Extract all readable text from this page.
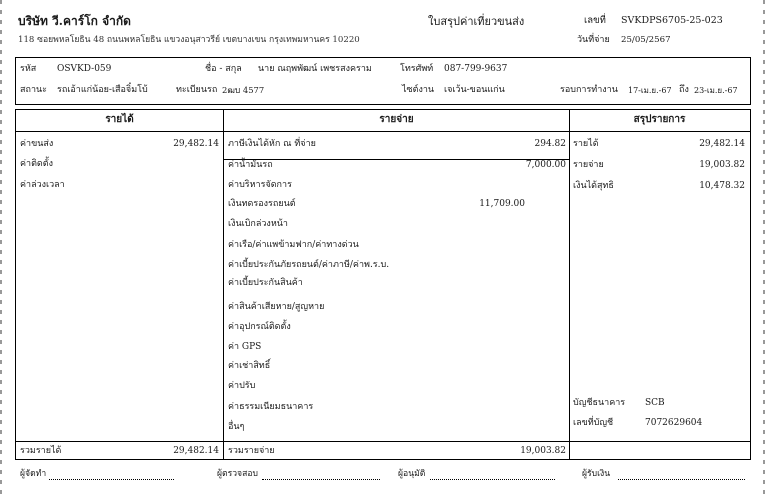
บริษัท วี.คาร์โก จำกัด
118 ซอยพหลโยธิน 48 ถนนพหลโยธิน แขวงอนุสาวรีย์ เขตบางเขน กรุงเทพมหานคร 10220
ใบสรุปค่าเที่ยวขนส่ง	เลขที่ SVKDPS6705-25-023
วันที่จ่าย 25/05/2567
รหัส OSVKD-059	ชื่อ - สกุล นาย ณฤพพัฒน์ เพชรสงคราม	โทรศัพท์ 087-799-9637
สถานะ รถเอ้าแก่น้อย-เสือจิ๋มโบ้	ทะเบียนรถ 2ฒบ 4577	ไซต์งาน เจเว้น-ขอนแก่น	รอบการทำงาน 17-เม.ย.-67 ถึง 23-เม.ย.-67
รายได้	รายจ่าย	สรุปรายการ
ค่าขนส่ง	29,482.14
ค่าติดตั้ง
ค่าล่วงเวลา
ภาษีเงินได้หัก ณ ที่จ่าย	294.82
ค่าน้ำมันรถ	7,000.00
ค่าบริหารจัดการ
เงินทดรองรถยนต์	11,709.00
เงินเบิกล่วงหน้า
ค่าเรือ/ค่าแพข้ามฟาก/ค่าทางด่วน
ค่าเบี้ยประกันภัยรถยนต์/ค่าภาษี/ค่าพ.ร.บ.
ค่าเบี้ยประกันสินค้า
ค่าสินค้าเสียหาย/สูญหาย
ค่าอุปกรณ์ติดตั้ง
ค่า GPS
ค่าเช่าสิทธิ์
ค่าปรับ
ค่าธรรมเนียมธนาคาร
อื่นๆ
รายได้	29,482.14
รายจ่าย	19,003.82
เงินได้สุทธิ	10,478.32
บัญชีธนาคาร SCB
เลขที่บัญชี	7072629604
รวมรายได้	29,482.14 รวมรายจ่าย	19,003.82
ผู้จัดทำ	ผู้ตรวจสอบ	ผู้อนุมัติ	ผู้รับเงิน
